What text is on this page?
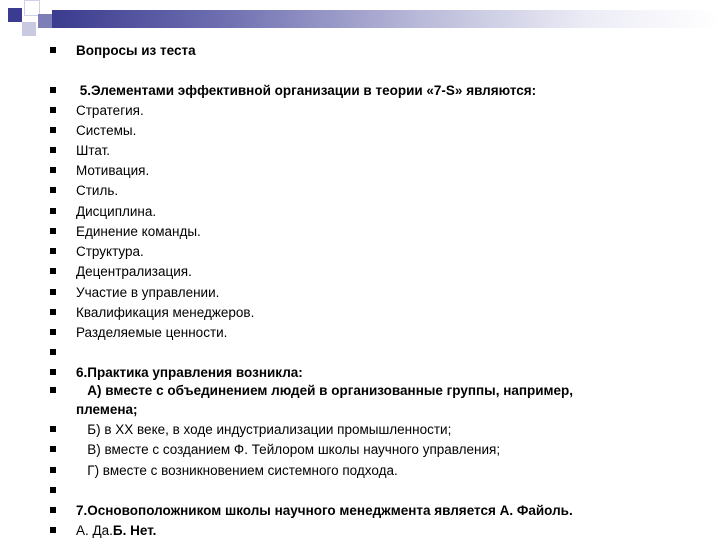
Вопросы из теста
5.Элементами эффективной организации в теории «7-S» являются:
Стратегия.
Системы.
Штат.
Мотивация.
Стиль.
Дисциплина.
Единение команды.
Структура.
Децентрализация.
Участие в управлении.
Квалификация менеджеров.
Разделяемые ценности.
6.Практика управления возникла:
А) вместе с объединением людей в организованные группы, например,
племена;
Б) в XX веке, в ходе индустриализации промышленности;
В) вместе с созданием Ф. Тейлором школы научного управления;
Г) вместе с возникновением системного подхода.
7.Основоположником школы научного менеджмента является А. Файоль.
А. Да.Б. Нет.
